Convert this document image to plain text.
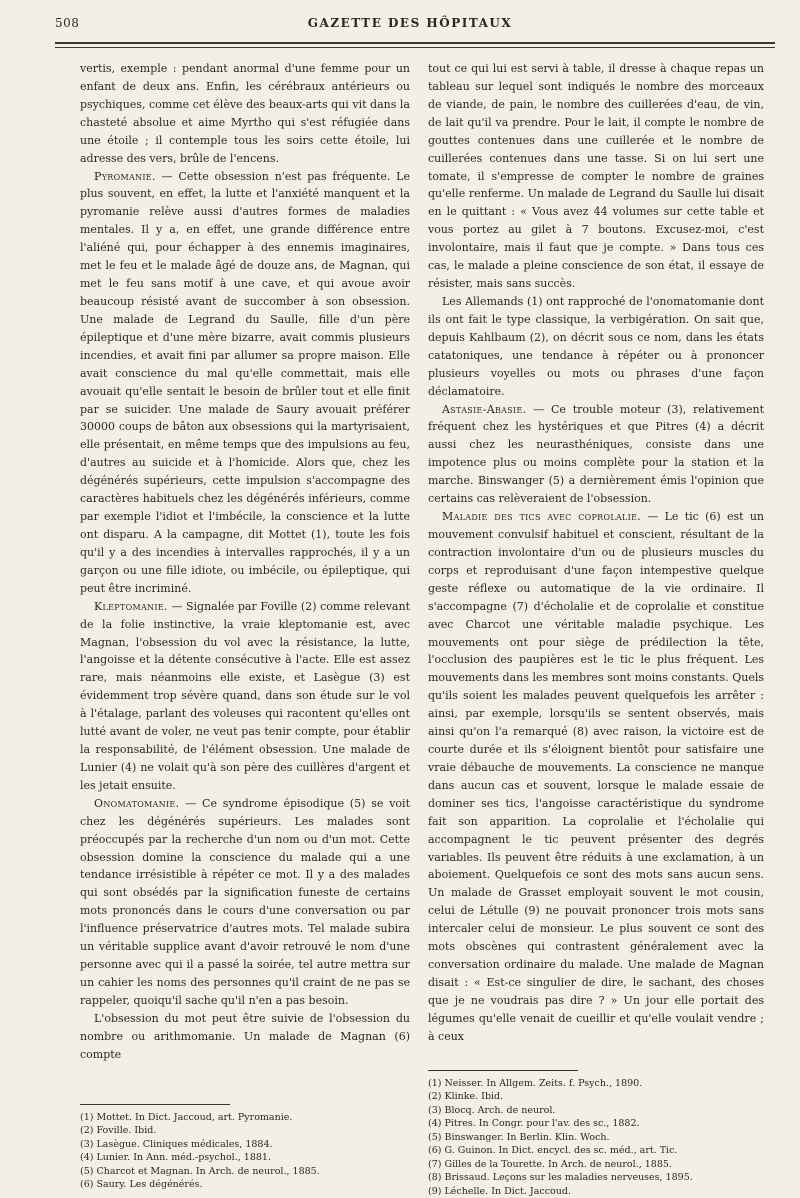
508	GAZETTE DES HÔPITAUX

vertis, exemple : pendant anormal d'une femme pour un enfant de deux ans. Enfin, les cérébraux antérieurs ou psychiques, comme cet élève des beaux-arts qui vit dans la chasteté absolue et aime Myrtho qui s'est réfugiée dans une étoile ; il contemple tous les soirs cette étoile, lui adresse des vers, brûle de l'encens.

Pyromanie. — Cette obsession n'est pas fréquente. Le plus souvent, en effet, la lutte et l'anxiété manquent et la pyromanie relève aussi d'autres formes de maladies mentales. Il y a, en effet, une grande différence entre l'aliéné qui, pour échapper à des ennemis imaginaires, met le feu et le malade âgé de douze ans, de Magnan, qui met le feu sans motif à une cave, et qui avoue avoir beaucoup résisté avant de succomber à son obsession. Une malade de Legrand du Saulle, fille d'un père épileptique et d'une mère bizarre, avait commis plusieurs incendies, et avait fini par allumer sa propre maison. Elle avait conscience du mal qu'elle commettait, mais elle avouait qu'elle sentait le besoin de brûler tout et elle finit par se suicider. Une malade de Saury avouait préférer 30000 coups de bâton aux obsessions qui la martyrisaient, elle présentait, en même temps que des impulsions au feu, d'autres au suicide et à l'homicide. Alors que, chez les dégénérés supérieurs, cette impulsion s'accompagne des caractères habituels chez les dégénérés inférieurs, comme par exemple l'idiot et l'imbécile, la conscience et la lutte ont disparu. A la campagne, dit Mottet (1), toute les fois qu'il y a des incendies à intervalles rapprochés, il y a un garçon ou une fille idiote, ou imbécile, ou épileptique, qui peut être incriminé.

Kleptomanie. — Signalée par Foville (2) comme relevant de la folie instinctive, la vraie kleptomanie est, avec Magnan, l'obsession du vol avec la résistance, la lutte, l'angoisse et la détente consécutive à l'acte. Elle est assez rare, mais néanmoins elle existe, et Lasègue (3) est évidemment trop sévère quand, dans son étude sur le vol à l'étalage, parlant des voleuses qui racontent qu'elles ont lutté avant de voler, ne veut pas tenir compte, pour établir la responsabilité, de l'élément obsession. Une malade de Lunier (4) ne volait qu'à son père des cuillères d'argent et les jetait ensuite.

Onomatomanie. — Ce syndrome épisodique (5) se voit chez les dégénérés supérieurs. Les malades sont préoccupés par la recherche d'un nom ou d'un mot. Cette obsession domine la conscience du malade qui a une tendance irrésistible à répéter ce mot. Il y a des malades qui sont obsédés par la signification funeste de certains mots prononcés dans le cours d'une conversation ou par l'influence préservatrice d'autres mots. Tel malade subira un véritable supplice avant d'avoir retrouvé le nom d'une personne avec qui il a passé la soirée, tel autre mettra sur un cahier les noms des personnes qu'il craint de ne pas se rappeler, quoiqu'il sache qu'il n'en a pas besoin.

L'obsession du mot peut être suivie de l'obsession du nombre ou arithmomanie. Un malade de Magnan (6) compte

(1) Mottet. In Dict. Jaccoud, art. Pyromanie.
(2) Foville. Ibid.
(3) Lasègue. Cliniques médicales, 1884.
(4) Lunier. In Ann. méd.-psychol., 1881.
(5) Charcot et Magnan. In Arch. de neurol., 1885.
(6) Saury. Les dégénérés.

tout ce qui lui est servi à table, il dresse à chaque repas un tableau sur lequel sont indiqués le nombre des morceaux de viande, de pain, le nombre des cuillerées d'eau, de vin, de lait qu'il va prendre. Pour le lait, il compte le nombre de gouttes contenues dans une cuillerée et le nombre de cuillerées contenues dans une tasse. Si on lui sert une tomate, il s'empresse de compter le nombre de graines qu'elle renferme. Un malade de Legrand du Saulle lui disait en le quittant : « Vous avez 44 volumes sur cette table et vous portez au gilet à 7 boutons. Excusez-moi, c'est involontaire, mais il faut que je compte. » Dans tous ces cas, le malade a pleine conscience de son état, il essaye de résister, mais sans succès.

Les Allemands (1) ont rapproché de l'onomatomanie dont ils ont fait le type classique, la verbigération. On sait que, depuis Kahlbaum (2), on décrit sous ce nom, dans les états catatoniques, une tendance à répéter ou à prononcer plusieurs voyelles ou mots ou phrases d'une façon déclamatoire.

Astasie-Abasie. — Ce trouble moteur (3), relativement fréquent chez les hystériques et que Pitres (4) a décrit aussi chez les neurasthéniques, consiste dans une impotence plus ou moins complète pour la station et la marche. Binswanger (5) a dernièrement émis l'opinion que certains cas relèveraient de l'obsession.

Maladie des tics avec coprolalie. — Le tic (6) est un mouvement convulsif habituel et conscient, résultant de la contraction involontaire d'un ou de plusieurs muscles du corps et reproduisant d'une façon intempestive quelque geste réflexe ou automatique de la vie ordinaire. Il s'accompagne (7) d'écholalie et de coprolalie et constitue avec Charcot une véritable maladie psychique. Les mouvements ont pour siège de prédilection la tête, l'occlusion des paupières est le tic le plus fréquent. Les mouvements dans les membres sont moins constants. Quels qu'ils soient les malades peuvent quelquefois les arrêter : ainsi, par exemple, lorsqu'ils se sentent observés, mais ainsi qu'on l'a remarqué (8) avec raison, la victoire est de courte durée et ils s'éloignent bientôt pour satisfaire une vraie débauche de mouvements. La conscience ne manque dans aucun cas et souvent, lorsque le malade essaie de dominer ses tics, l'angoisse caractéristique du syndrome fait son apparition. La coprolalie et l'écholalie qui accompagnent le tic peuvent présenter des degrés variables. Ils peuvent être réduits à une exclamation, à un aboiement. Quelquefois ce sont des mots sans aucun sens. Un malade de Grasset employait souvent le mot cousin, celui de Létulle (9) ne pouvait prononcer trois mots sans intercaler celui de monsieur. Le plus souvent ce sont des mots obscènes qui contrastent généralement avec la conversation ordinaire du malade. Une malade de Magnan disait : « Est-ce singulier de dire, le sachant, des choses que je ne voudrais pas dire ? » Un jour elle portait des légumes qu'elle venait de cueillir et qu'elle voulait vendre ; à ceux

(1) Neisser. In Allgem. Zeits. f. Psych., 1890.
(2) Klinke. Ibid.
(3) Blocq. Arch. de neurol.
(4) Pitres. In Congr. pour l'av. des sc., 1882.
(5) Binswanger. In Berlin. Klin. Woch.
(6) G. Guinon. In Dict. encycl. des sc. méd., art. Tic.
(7) Gilles de la Tourette. In Arch. de neurol., 1885.
(8) Brissaud. Leçons sur les maladies nerveuses, 1895.
(9) Léchelle. In Dict. Jaccoud.
